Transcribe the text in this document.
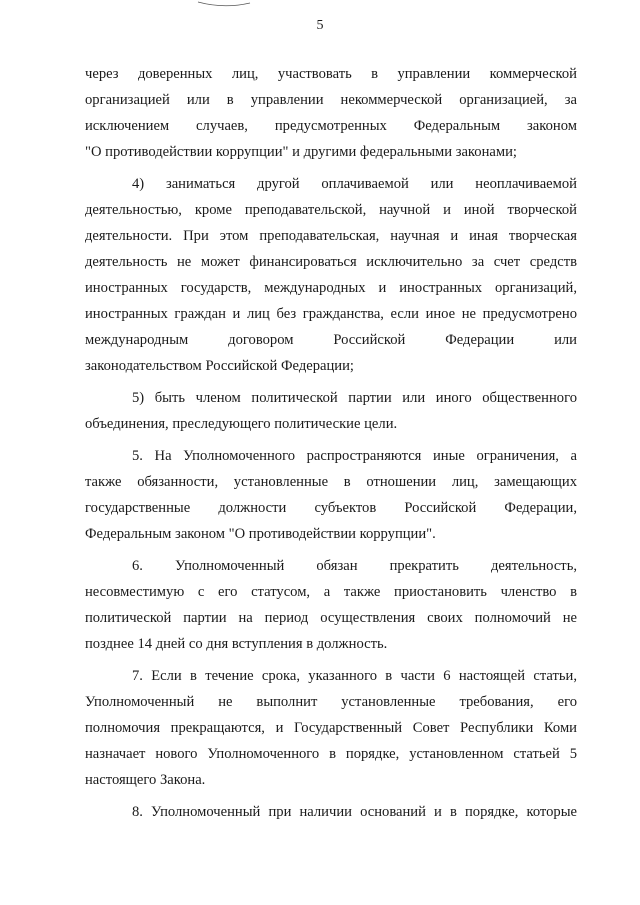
5
через доверенных лиц, участвовать в управлении коммерческой
организацией или в управлении некоммерческой организацией, за
исключением случаев, предусмотренных Федеральным законом
"О противодействии коррупции" и другими федеральными законами;
4) заниматься другой оплачиваемой или неоплачиваемой
деятельностью, кроме преподавательской, научной и иной творческой
деятельности. При этом преподавательская, научная и иная творческая
деятельность не может финансироваться исключительно за счет средств
иностранных государств, международных и иностранных организаций,
иностранных граждан и лиц без гражданства, если иное не предусмотрено
международным договором Российской Федерации или
законодательством Российской Федерации;
5) быть членом политической партии или иного общественного
объединения, преследующего политические цели.
5. На Уполномоченного распространяются иные ограничения, а
также обязанности, установленные в отношении лиц, замещающих
государственные должности субъектов Российской Федерации,
Федеральным законом "О противодействии коррупции".
6. Уполномоченный обязан прекратить деятельность,
несовместимую с его статусом, а также приостановить членство в
политической партии на период осуществления своих полномочий не
позднее 14 дней со дня вступления в должность.
7. Если в течение срока, указанного в части 6 настоящей статьи,
Уполномоченный не выполнит установленные требования, его
полномочия прекращаются, и Государственный Совет Республики Коми
назначает нового Уполномоченного в порядке, установленном статьей 5
настоящего Закона.
8. Уполномоченный при наличии оснований и в порядке, которые
